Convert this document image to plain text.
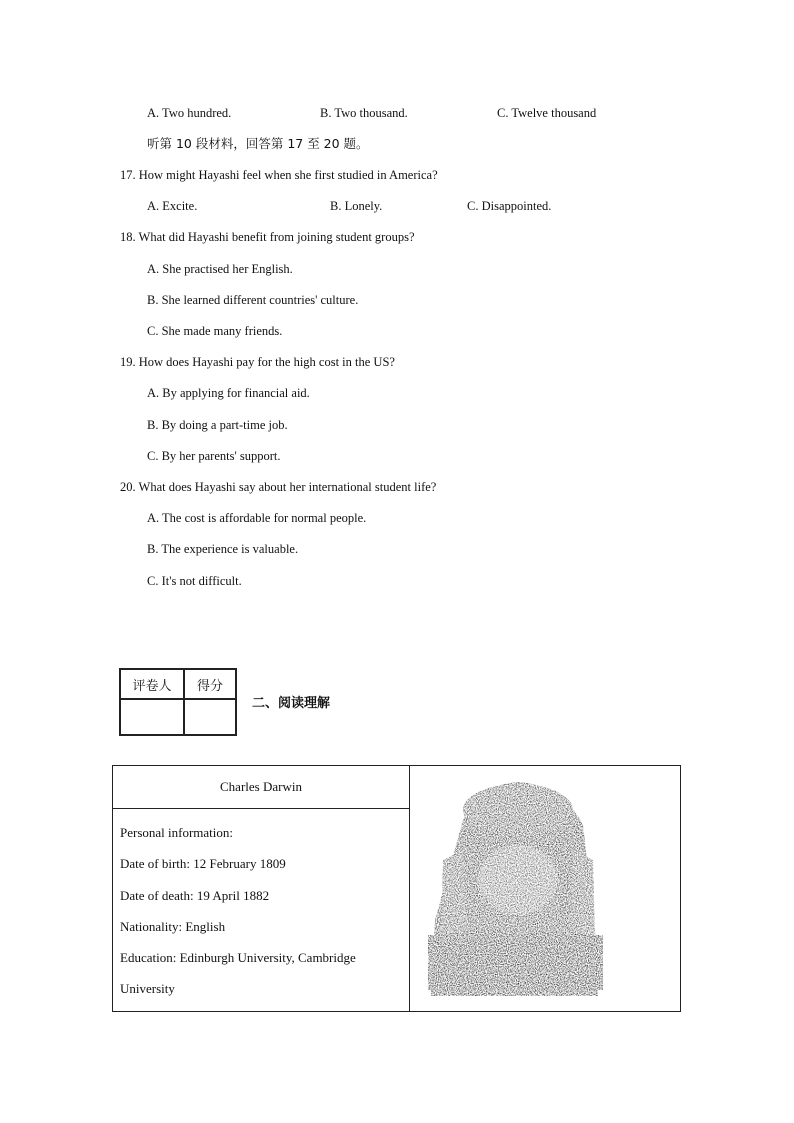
A. Two hundred.	B. Two thousand.	C. Twelve thousand
听第 10 段材料，回答第 17 至 20 题。
17. How might Hayashi feel when she first studied in America?
A. Excite.	B. Lonely.	C. Disappointed.
18. What did Hayashi benefit from joining student groups?
A. She practised her English.
B. She learned different countries' culture.
C. She made many friends.
19. How does Hayashi pay for the high cost in the US?
A. By applying for financial aid.
B. By doing a part-time job.
C. By her parents' support.
20. What does Hayashi say about her international student life?
A. The cost is affordable for normal people.
B. The experience is valuable.
C. It's not difficult.
评卷人	得分

二、阅读理解
Charles Darwin
Personal information:
Date of birth: 12 February 1809
Date of death: 19 April 1882
Nationality: English
Education: Edinburgh University, Cambridge
University
